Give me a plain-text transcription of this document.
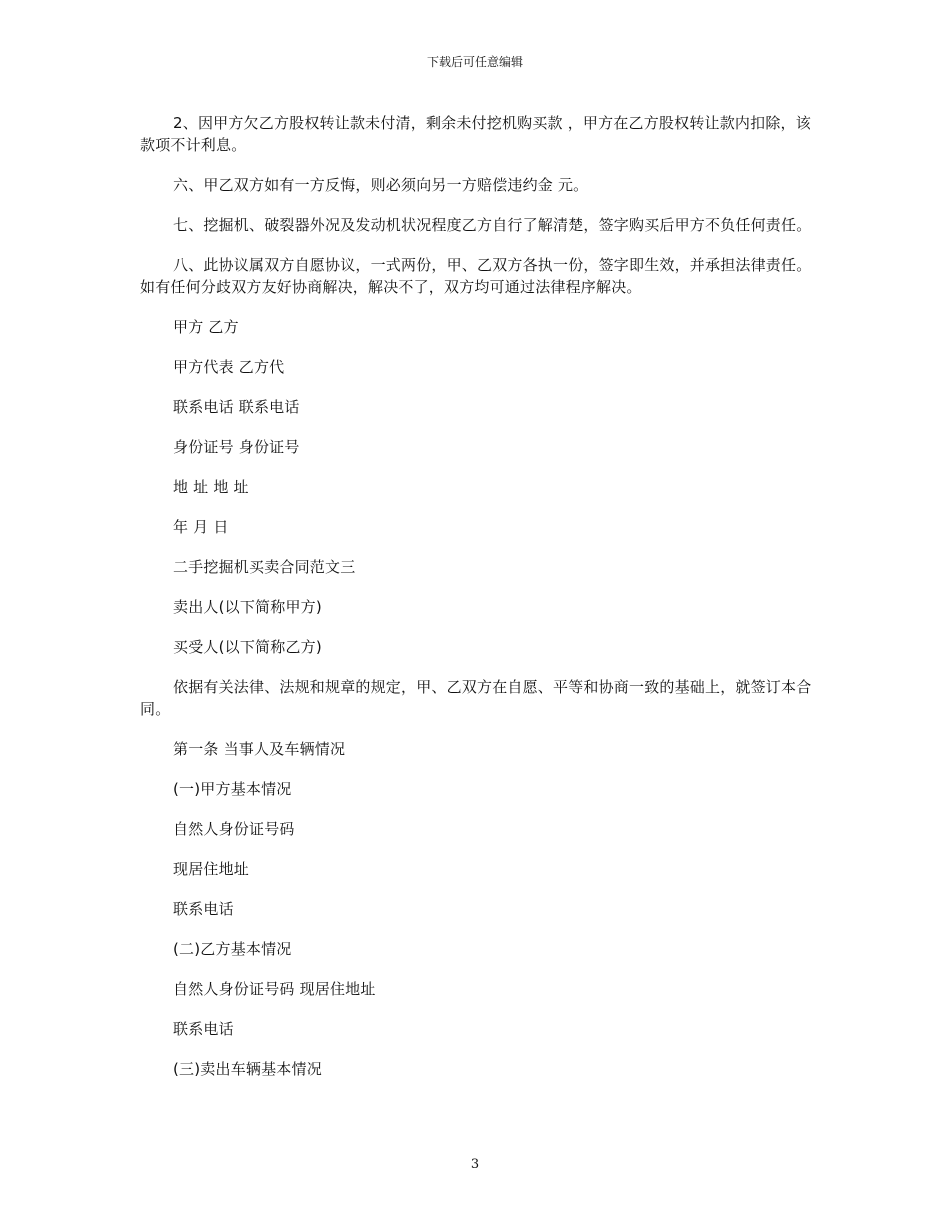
下载后可任意编辑

2、因甲方欠乙方股权转让款未付清，剩余未付挖机购买款 ，甲方在乙方股权转让款内扣除，该款项不计利息。

六、甲乙双方如有一方反悔，则必须向另一方赔偿违约金 元。

七、挖掘机、破裂器外况及发动机状况程度乙方自行了解清楚，签字购买后甲方不负任何责任。

八、此协议属双方自愿协议，一式两份，甲、乙双方各执一份，签字即生效，并承担法律责任。如有任何分歧双方友好协商解决，解决不了，双方均可通过法律程序解决。

甲方 乙方

甲方代表 乙方代

联系电话 联系电话

身份证号 身份证号

地 址 地 址

年 月 日

二手挖掘机买卖合同范文三

卖出人(以下简称甲方)

买受人(以下简称乙方)

依据有关法律、法规和规章的规定，甲、乙双方在自愿、平等和协商一致的基础上，就签订本合同。

第一条 当事人及车辆情况

(一)甲方基本情况

自然人身份证号码

现居住地址

联系电话

(二)乙方基本情况

自然人身份证号码 现居住地址

联系电话

(三)卖出车辆基本情况

3
